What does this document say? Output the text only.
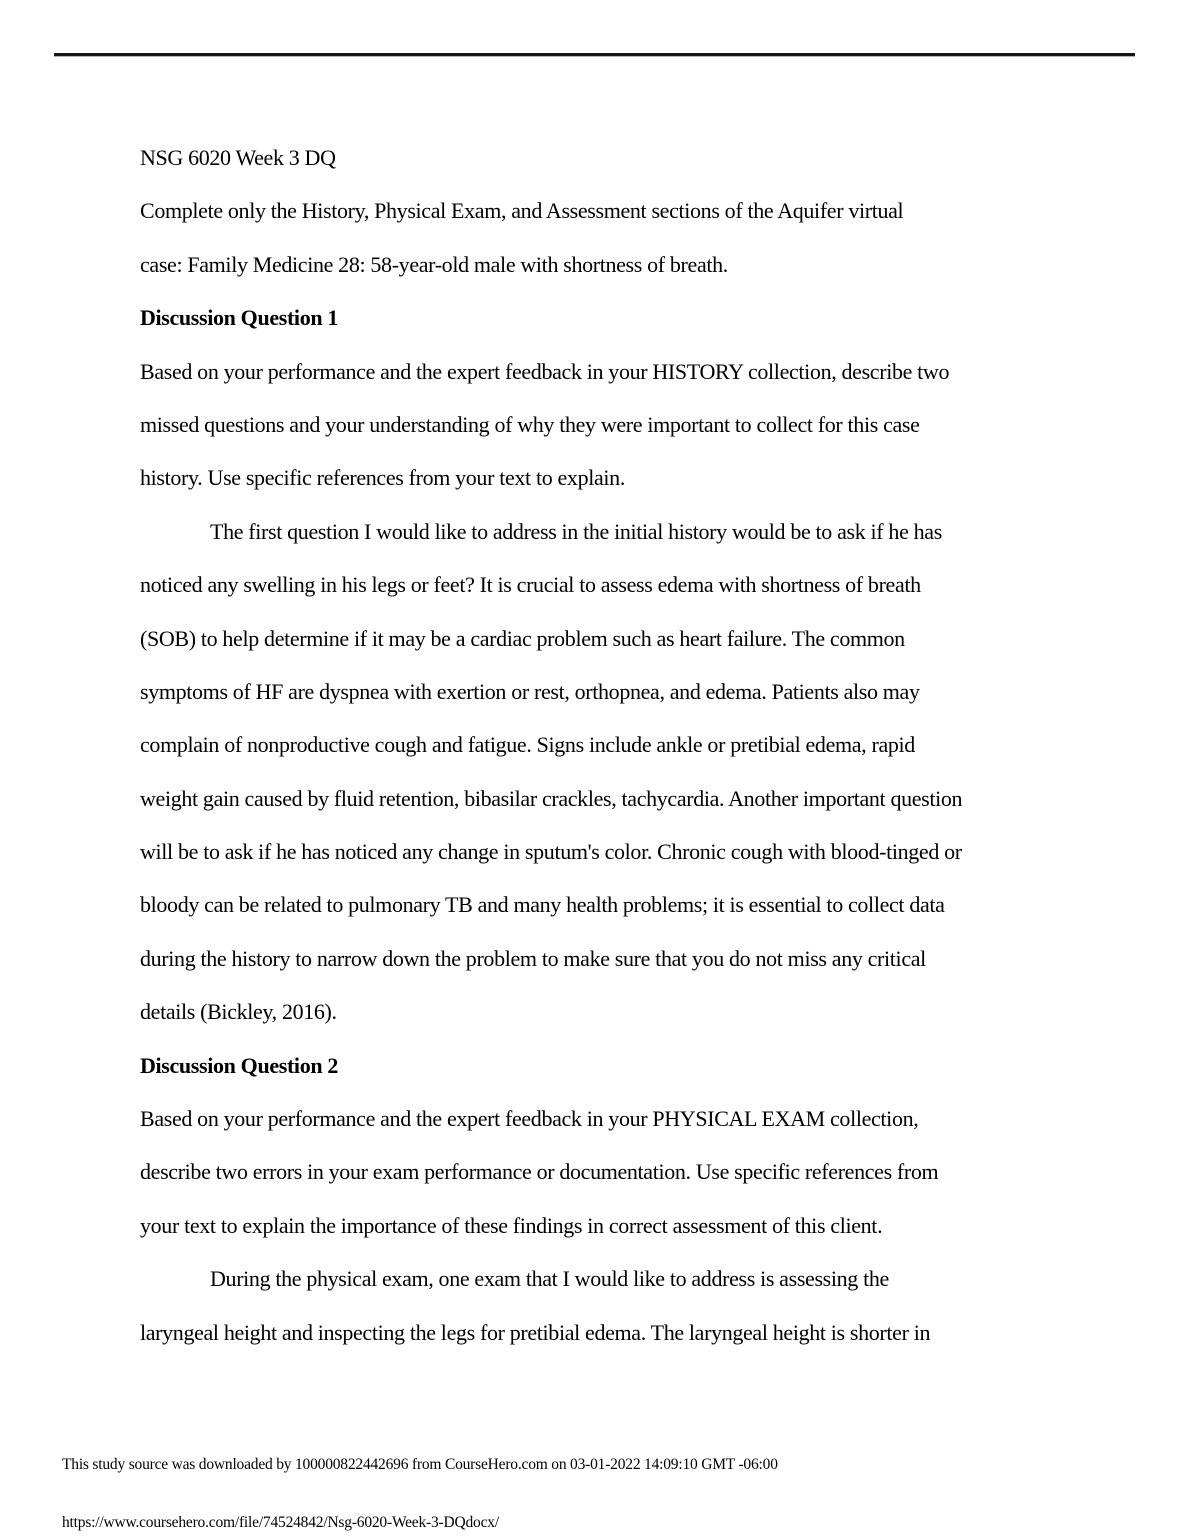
NSG 6020 Week 3 DQ
Complete only the History, Physical Exam, and Assessment sections of the Aquifer virtual
case: Family Medicine 28: 58-year-old male with shortness of breath.
Discussion Question 1
Based on your performance and the expert feedback in your HISTORY collection, describe two
missed questions and your understanding of why they were important to collect for this case
history. Use specific references from your text to explain.
The first question I would like to address in the initial history would be to ask if he has
noticed any swelling in his legs or feet? It is crucial to assess edema with shortness of breath
(SOB) to help determine if it may be a cardiac problem such as heart failure. The common
symptoms of HF are dyspnea with exertion or rest, orthopnea, and edema. Patients also may
complain of nonproductive cough and fatigue. Signs include ankle or pretibial edema, rapid
weight gain caused by fluid retention, bibasilar crackles, tachycardia. Another important question
will be to ask if he has noticed any change in sputum's color. Chronic cough with blood-tinged or
bloody can be related to pulmonary TB and many health problems; it is essential to collect data
during the history to narrow down the problem to make sure that you do not miss any critical
details (Bickley, 2016).
Discussion Question 2
Based on your performance and the expert feedback in your PHYSICAL EXAM collection,
describe two errors in your exam performance or documentation. Use specific references from
your text to explain the importance of these findings in correct assessment of this client.
During the physical exam, one exam that I would like to address is assessing the
laryngeal height and inspecting the legs for pretibial edema. The laryngeal height is shorter in
This study source was downloaded by 100000822442696 from CourseHero.com on 03-01-2022 14:09:10 GMT -06:00
https://www.coursehero.com/file/74524842/Nsg-6020-Week-3-DQdocx/
